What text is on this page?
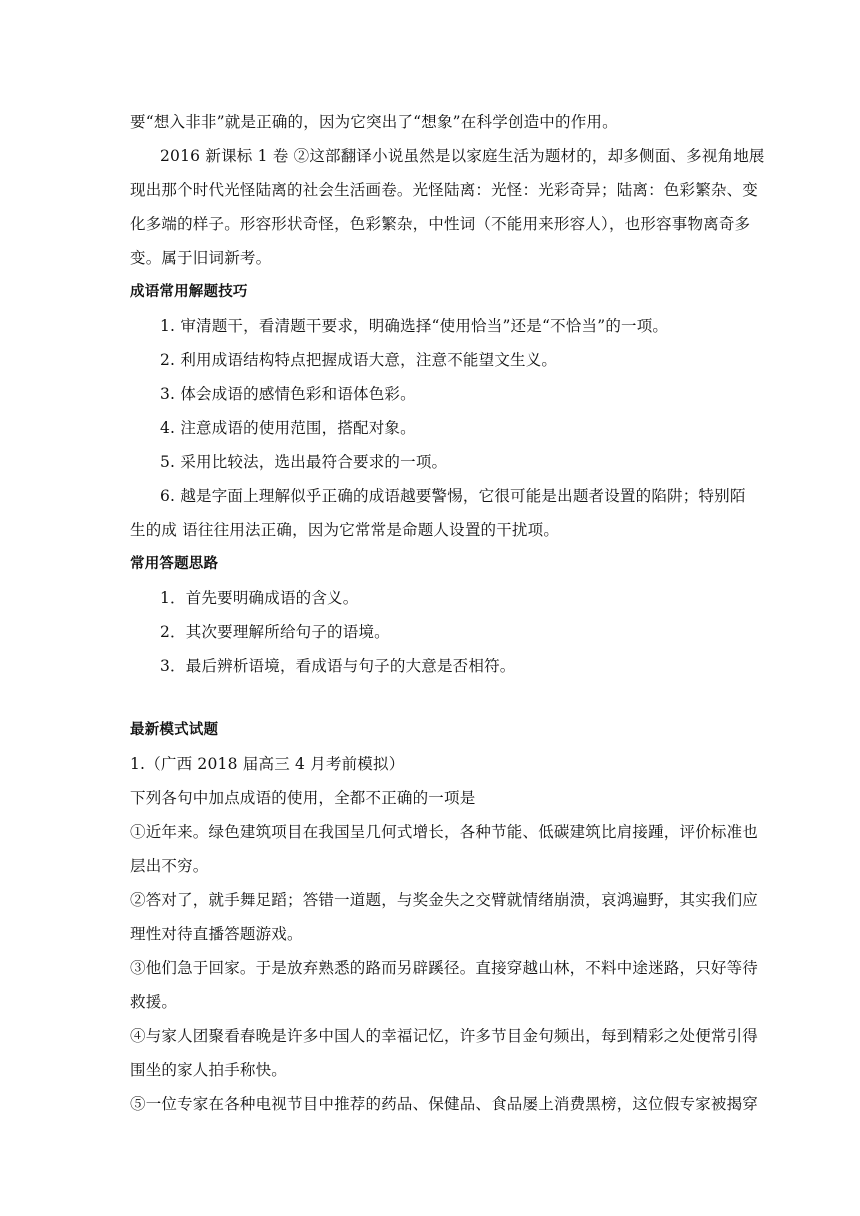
要“想入非非”就是正确的，因为它突出了“想象”在科学创造中的作用。
2016 新课标 1 卷 ②这部翻译小说虽然是以家庭生活为题材的，却多侧面、多视角地展
现出那个时代光怪陆离的社会生活画卷。光怪陆离：光怪：光彩奇异；陆离：色彩繁杂、变
化多端的样子。形容形状奇怪，色彩繁杂，中性词（不能用来形容人），也形容事物离奇多
变。属于旧词新考。
成语常用解题技巧
1. 审清题干，看清题干要求，明确选择“使用恰当”还是“不恰当”的一项。
2. 利用成语结构特点把握成语大意，注意不能望文生义。
3. 体会成语的感情色彩和语体色彩。
4. 注意成语的使用范围，搭配对象。
5. 采用比较法，选出最符合要求的一项。
6. 越是字面上理解似乎正确的成语越要警惕，它很可能是出题者设置的陷阱；特别陌
生的成 语往往用法正确，因为它常常是命题人设置的干扰项。
常用答题思路
1．首先要明确成语的含义。
2．其次要理解所给句子的语境。
3．最后辨析语境，看成语与句子的大意是否相符。
最新模式试题
1.（广西 2018 届高三 4 月考前模拟）
下列各句中加点成语的使用，全都不正确的一项是
①近年来。绿色建筑项目在我国呈几何式增长，各种节能、低碳建筑比肩接踵，评价标准也
层出不穷。
②答对了，就手舞足蹈；答错一道题，与奖金失之交臂就情绪崩溃，哀鸿遍野，其实我们应
理性对待直播答题游戏。
③他们急于回家。于是放弃熟悉的路而另辟蹊径。直接穿越山林，不料中途迷路，只好等待
救援。
④与家人团聚看春晚是许多中国人的幸福记忆，许多节目金句频出，每到精彩之处便常引得
围坐的家人拍手称快。
⑤一位专家在各种电视节目中推荐的药品、保健品、食品屡上消费黑榜，这位假专家被揭穿
